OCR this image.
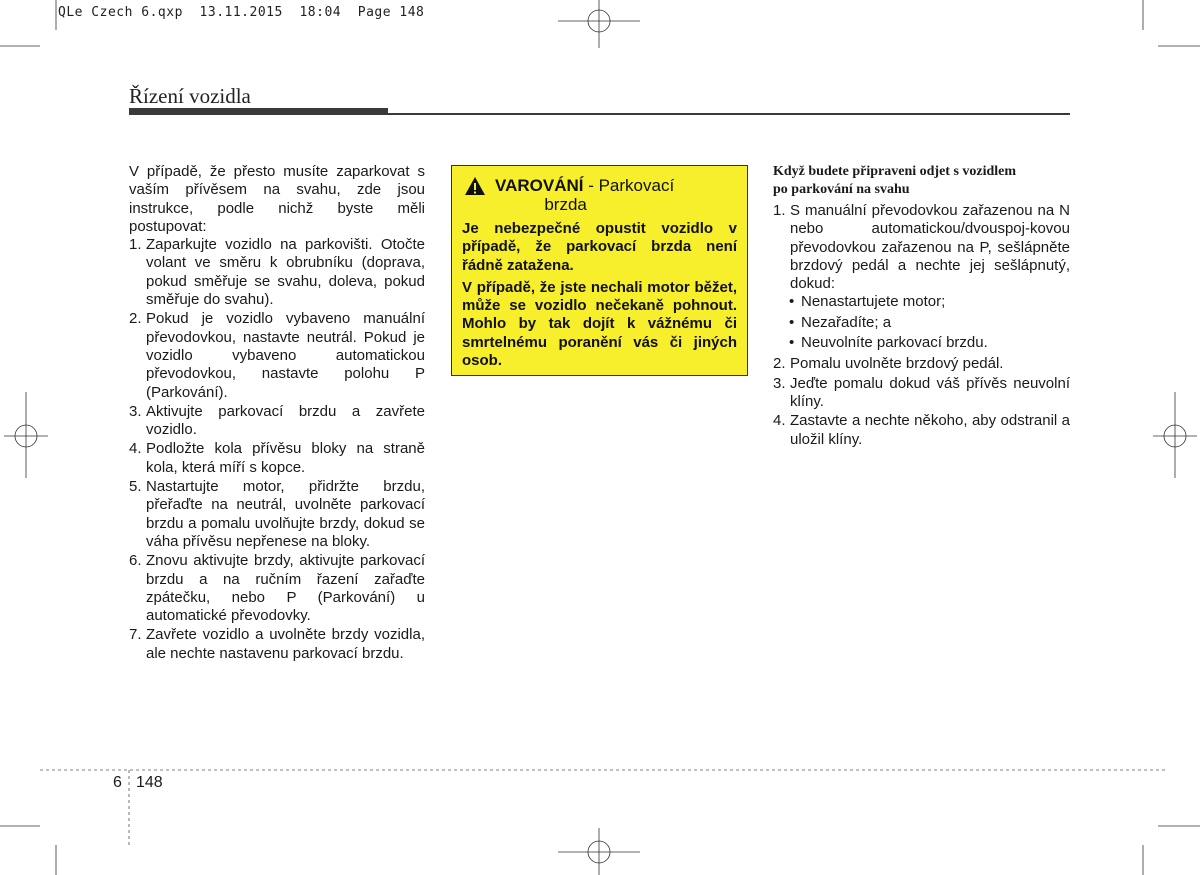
QLe Czech 6.qxp  13.11.2015  18:04  Page 148
Řízení vozidla

V případě, že přesto musíte zaparkovat s vaším přívěsem na svahu, zde jsou instrukce, podle nichž byste měli postupovat:

1. Zaparkujte vozidlo na parkovišti. Otočte volant ve směru k obrubníku (doprava, pokud směřuje se svahu, doleva, pokud směřuje do svahu).
2. Pokud je vozidlo vybaveno manuální převodovkou, nastavte neutrál. Pokud je vozidlo vybaveno automatickou převodovkou, nastavte polohu P (Parkování).
3. Aktivujte parkovací brzdu a zavřete vozidlo.
4. Podložte kola přívěsu bloky na straně kola, která míří s kopce.
5. Nastartujte motor, přidržte brzdu, přeřaďte na neutrál, uvolněte parkovací brzdu a pomalu uvolňujte brzdy, dokud se váha přívěsu nepřenese na bloky.
6. Znovu aktivujte brzdy, aktivujte parkovací brzdu a na ručním řazení zařaďte zpátečku, nebo P (Parkování) u automatické převodovky.
7. Zavřete vozidlo a uvolněte brzdy vozidla, ale nechte nastavenu parkovací brzdu.
VAROVÁNÍ - Parkovací
brzda

Je nebezpečné opustit vozidlo v případě, že parkovací brzda není řádně zatažena.

V případě, že jste nechali motor běžet, může se vozidlo nečekaně pohnout. Mohlo by tak dojít k vážnému či smrtelnému poranění vás či jiných osob.

Když budete připraveni odjet s vozidlem
po parkování na svahu
1. S manuální převodovkou zařazenou na N nebo automatickou/dvouspoj-kovou převodovkou zařazenou na P, sešlápněte brzdový pedál a nechte jej sešlápnutý, dokud:
• Nenastartujete motor;
• Nezařadíte; a
• Neuvolníte parkovací brzdu.
2. Pomalu uvolněte brzdový pedál.
3. Jeďte pomalu dokud váš přívěs neuvolní klíny.
4. Zastavte a nechte někoho, aby odstranil a uložil klíny.
6 148
